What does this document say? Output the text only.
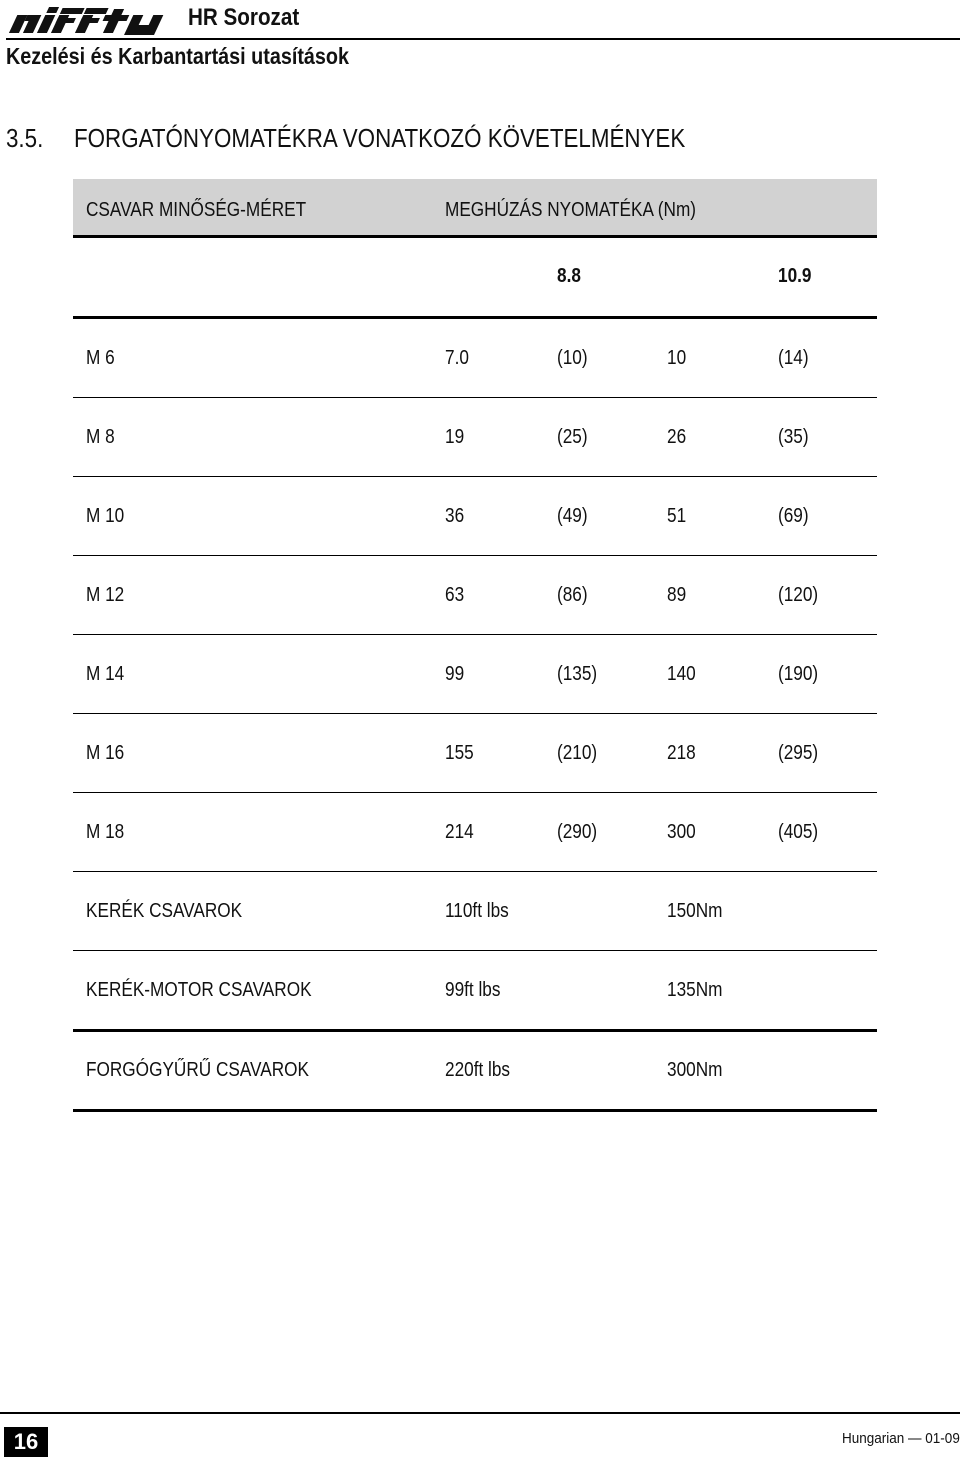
HR Sorozat
Kezelési és Karbantartási utasítások
3.5. FORGATÓNYOMATÉKRA VONATKOZÓ KÖVETELMÉNYEK
CSAVAR MINŐSÉG-MÉRET	MEGHÚZÁS NYOMATÉKA (Nm)
8.8	10.9
M 6	7.0	(10)	10	(14)
M 8	19	(25)	26	(35)
M 10	36	(49)	51	(69)
M 12	63	(86)	89	(120)
M 14	99	(135)	140	(190)
M 16	155	(210)	218	(295)
M 18	214	(290)	300	(405)
KERÉK CSAVAROK	110ft lbs	150Nm
KERÉK-MOTOR CSAVAROK	99ft lbs	135Nm
FORGÓGYŰRŰ CSAVAROK	220ft lbs	300Nm
16	Hungarian — 01-09
